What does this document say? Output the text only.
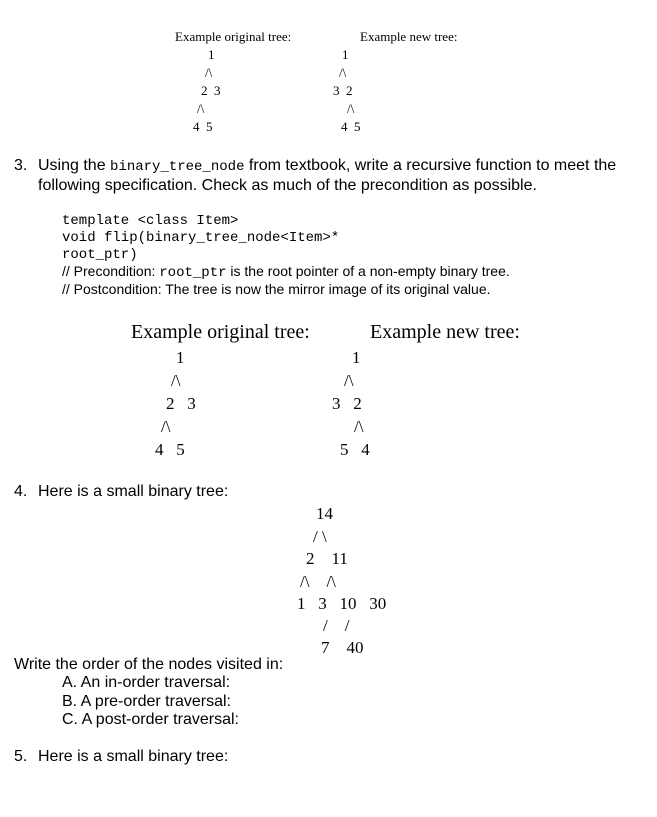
Example original tree:	Example new tree:
1
/\
2  3
/\
4  5
1
/\
3  2
/\
4  5
3. Using the binary_tree_node from textbook, write a recursive function to meet the
following specification. Check as much of the precondition as possible.
template <class Item>
void flip(binary_tree_node<Item>*
root_ptr)
// Precondition: root_ptr is the root pointer of a non-empty binary tree.
// Postcondition: The tree is now the mirror image of its original value.
Example original tree:	Example new tree:
1
/\
2   3
/\
4   5
1
/\
3   2
/\
5   4
4. Here is a small binary tree:
14
/ \
2    11
/\    /\
1   3   10   30
/    /
7    40
Write the order of the nodes visited in:
A. An in-order traversal:
B. A pre-order traversal:
C. A post-order traversal:
5. Here is a small binary tree:
